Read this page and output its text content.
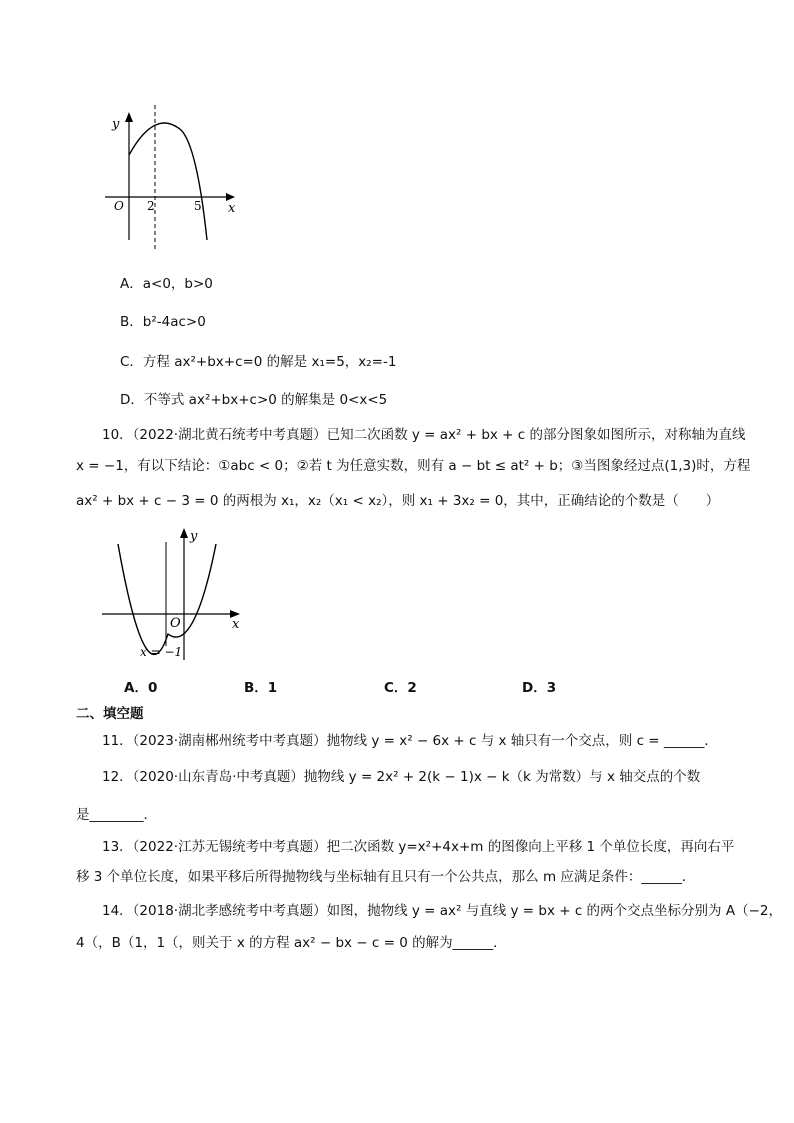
y
x
O 2	5
A．a<0，b>0
B．b²-4ac>0
C．方程 ax²+bx+c=0 的解是 x₁=5，x₂=-1
D．不等式 ax²+bx+c>0 的解集是 0<x<5
10．（2022·湖北黄石统考中考真题）已知二次函数 y = ax² + bx + c 的部分图象如图所示，对称轴为直线
x = −1，有以下结论：①abc < 0；②若 t 为任意实数，则有 a − bt ≤ at² + b；③当图象经过点(1,3)时，方程
ax² + bx + c − 3 = 0 的两根为 x₁，x₂（x₁ < x₂），则 x₁ + 3x₂ = 0，其中，正确结论的个数是（　　）
y
x
O
x = −1
A．0	B．1	C．2	D．3
二、填空题
11．（2023·湖南郴州统考中考真题）抛物线 y = x² − 6x + c 与 x 轴只有一个交点，则 c = ______．
12．（2020·山东青岛·中考真题）抛物线 y = 2x² + 2(k − 1)x − k（k 为常数）与 x 轴交点的个数
是________．
13．（2022·江苏无锡统考中考真题）把二次函数 y=x²+4x+m 的图像向上平移 1 个单位长度，再向右平
移 3 个单位长度，如果平移后所得抛物线与坐标轴有且只有一个公共点，那么 m 应满足条件：______．
14．（2018·湖北孝感统考中考真题）如图，抛物线 y = ax² 与直线 y = bx + c 的两个交点坐标分别为 A（−2，
4（，B（1，1（，则关于 x 的方程 ax² − bx − c = 0 的解为______．
